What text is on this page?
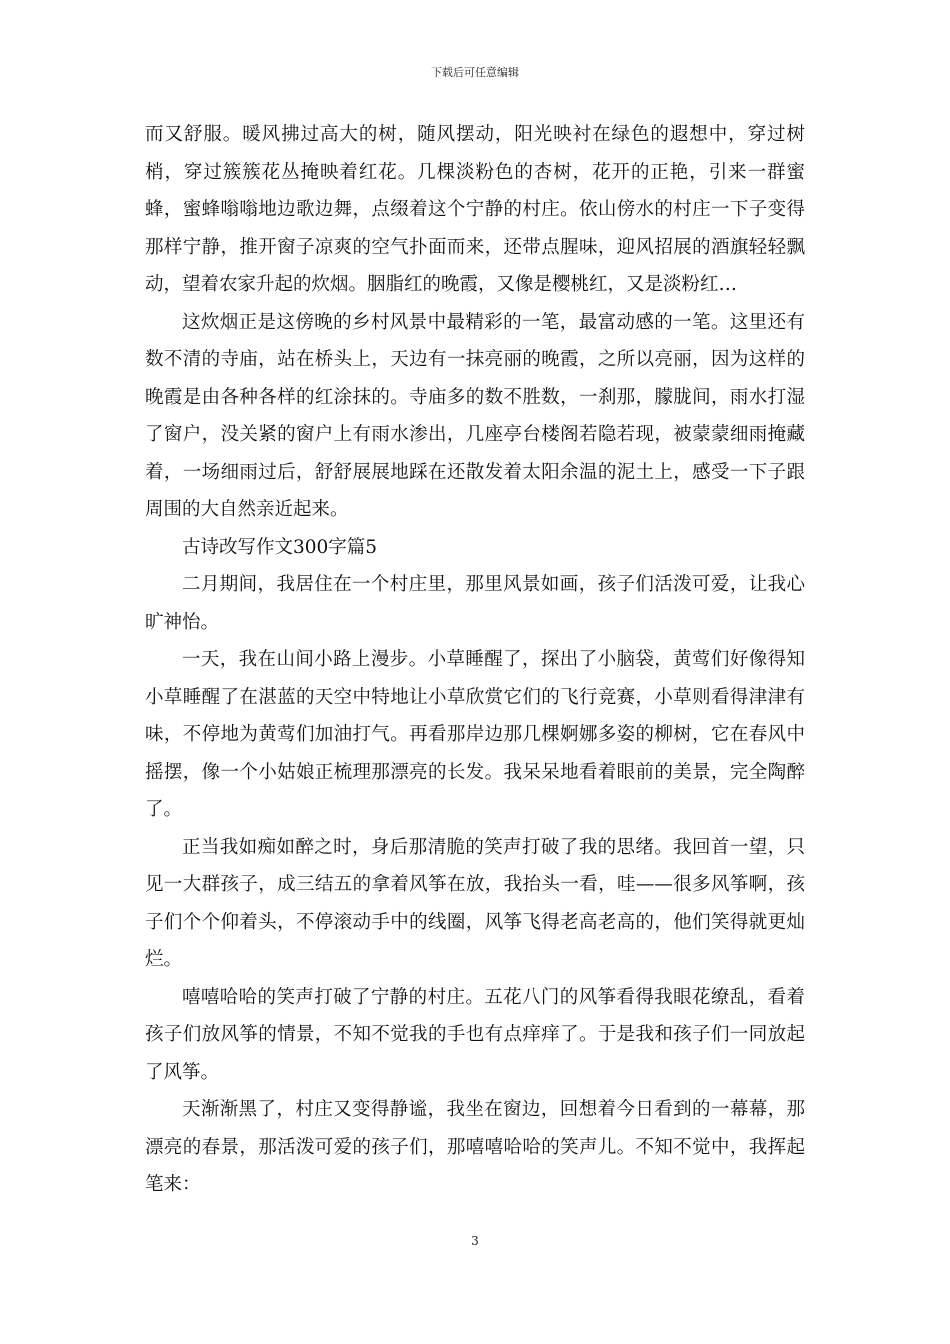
下载后可任意编辑

而又舒服。暖风拂过高大的树，随风摆动，阳光映衬在绿色的遐想中，穿过树梢，穿过簇簇花丛掩映着红花。几棵淡粉色的杏树，花开的正艳，引来一群蜜蜂，蜜蜂嗡嗡地边歌边舞，点缀着这个宁静的村庄。依山傍水的村庄一下子变得那样宁静，推开窗子凉爽的空气扑面而来，还带点腥味，迎风招展的酒旗轻轻飘动，望着农家升起的炊烟。胭脂红的晚霞，又像是樱桃红，又是淡粉红…

这炊烟正是这傍晚的乡村风景中最精彩的一笔，最富动感的一笔。这里还有数不清的寺庙，站在桥头上，天边有一抹亮丽的晚霞，之所以亮丽，因为这样的晚霞是由各种各样的红涂抹的。寺庙多的数不胜数，一刹那，朦胧间，雨水打湿了窗户，没关紧的窗户上有雨水渗出，几座亭台楼阁若隐若现，被蒙蒙细雨掩藏着，一场细雨过后，舒舒展展地踩在还散发着太阳余温的泥土上，感受一下子跟周围的大自然亲近起来。

古诗改写作文300字篇5

二月期间，我居住在一个村庄里，那里风景如画，孩子们活泼可爱，让我心旷神怡。

一天，我在山间小路上漫步。小草睡醒了，探出了小脑袋，黄莺们好像得知小草睡醒了在湛蓝的天空中特地让小草欣赏它们的飞行竞赛，小草则看得津津有味，不停地为黄莺们加油打气。再看那岸边那几棵婀娜多姿的柳树，它在春风中摇摆，像一个小姑娘正梳理那漂亮的长发。我呆呆地看着眼前的美景，完全陶醉了。

正当我如痴如醉之时，身后那清脆的笑声打破了我的思绪。我回首一望，只见一大群孩子，成三结五的拿着风筝在放，我抬头一看，哇——很多风筝啊，孩子们个个仰着头，不停滚动手中的线圈，风筝飞得老高老高的，他们笑得就更灿烂。

嘻嘻哈哈的笑声打破了宁静的村庄。五花八门的风筝看得我眼花缭乱，看着孩子们放风筝的情景，不知不觉我的手也有点痒痒了。于是我和孩子们一同放起了风筝。

天渐渐黑了，村庄又变得静谧，我坐在窗边，回想着今日看到的一幕幕，那漂亮的春景，那活泼可爱的孩子们，那嘻嘻哈哈的笑声儿。不知不觉中，我挥起笔来：

3
